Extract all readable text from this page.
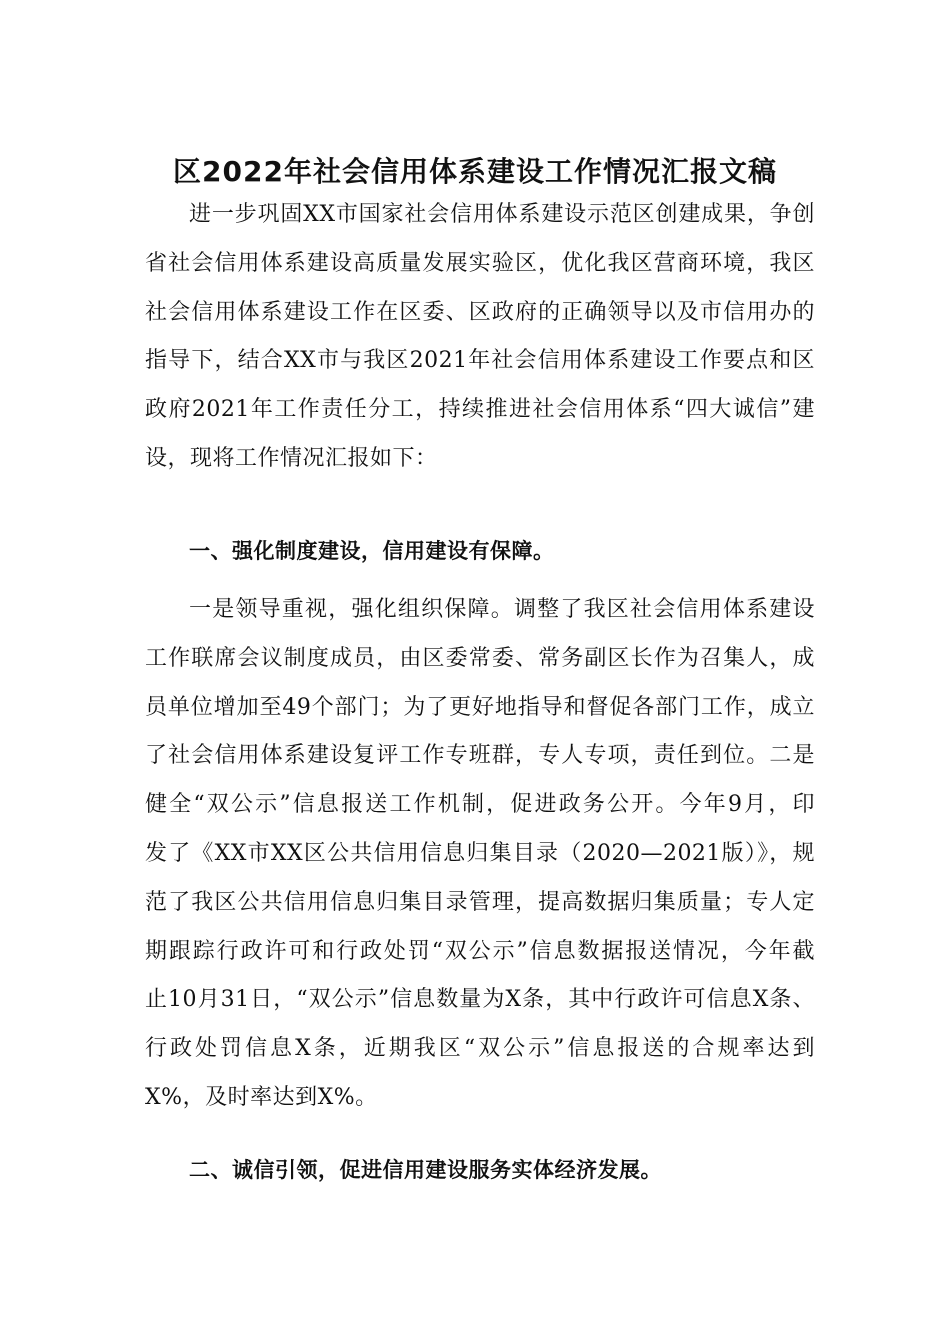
区2022年社会信用体系建设工作情况汇报文稿
进一步巩固XX市国家社会信用体系建设示范区创建成果，争创
省社会信用体系建设高质量发展实验区，优化我区营商环境，我区
社会信用体系建设工作在区委、区政府的正确领导以及市信用办的
指导下，结合XX市与我区2021年社会信用体系建设工作要点和区
政府2021年工作责任分工，持续推进社会信用体系“四大诚信”建
设，现将工作情况汇报如下：
一、强化制度建设，信用建设有保障。
一是领导重视，强化组织保障。调整了我区社会信用体系建设
工作联席会议制度成员，由区委常委、常务副区长作为召集人，成
员单位增加至49个部门；为了更好地指导和督促各部门工作，成立
了社会信用体系建设复评工作专班群，专人专项，责任到位。二是
健全“双公示”信息报送工作机制，促进政务公开。今年9月，印
发了《XX市XX区公共信用信息归集目录（2020—2021版）》，规
范了我区公共信用信息归集目录管理，提高数据归集质量；专人定
期跟踪行政许可和行政处罚“双公示”信息数据报送情况，今年截
止10月31日，“双公示”信息数量为X条，其中行政许可信息X条、
行政处罚信息X条，近期我区“双公示”信息报送的合规率达到
X%，及时率达到X%。
二、诚信引领，促进信用建设服务实体经济发展。
